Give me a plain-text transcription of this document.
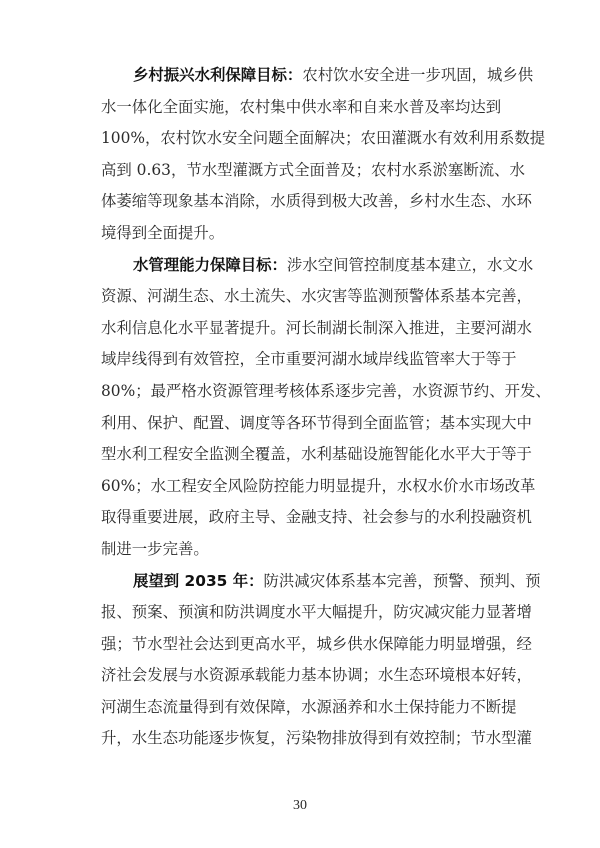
乡村振兴水利保障目标：农村饮水安全进一步巩固，城乡供
水一体化全面实施，农村集中供水率和自来水普及率均达到
100%，农村饮水安全问题全面解决；农田灌溉水有效利用系数提
高到 0.63，节水型灌溉方式全面普及；农村水系淤塞断流、水
体萎缩等现象基本消除，水质得到极大改善，乡村水生态、水环
境得到全面提升。
水管理能力保障目标：涉水空间管控制度基本建立，水文水
资源、河湖生态、水土流失、水灾害等监测预警体系基本完善，
水利信息化水平显著提升。河长制湖长制深入推进，主要河湖水
域岸线得到有效管控，全市重要河湖水域岸线监管率大于等于
80%；最严格水资源管理考核体系逐步完善，水资源节约、开发、
利用、保护、配置、调度等各环节得到全面监管；基本实现大中
型水利工程安全监测全覆盖，水利基础设施智能化水平大于等于
60%；水工程安全风险防控能力明显提升，水权水价水市场改革
取得重要进展，政府主导、金融支持、社会参与的水利投融资机
制进一步完善。
展望到 2035 年：防洪减灾体系基本完善，预警、预判、预
报、预案、预演和防洪调度水平大幅提升，防灾减灾能力显著增
强；节水型社会达到更高水平，城乡供水保障能力明显增强，经
济社会发展与水资源承载能力基本协调；水生态环境根本好转，
河湖生态流量得到有效保障，水源涵养和水土保持能力不断提
升，水生态功能逐步恢复，污染物排放得到有效控制；节水型灌
30
